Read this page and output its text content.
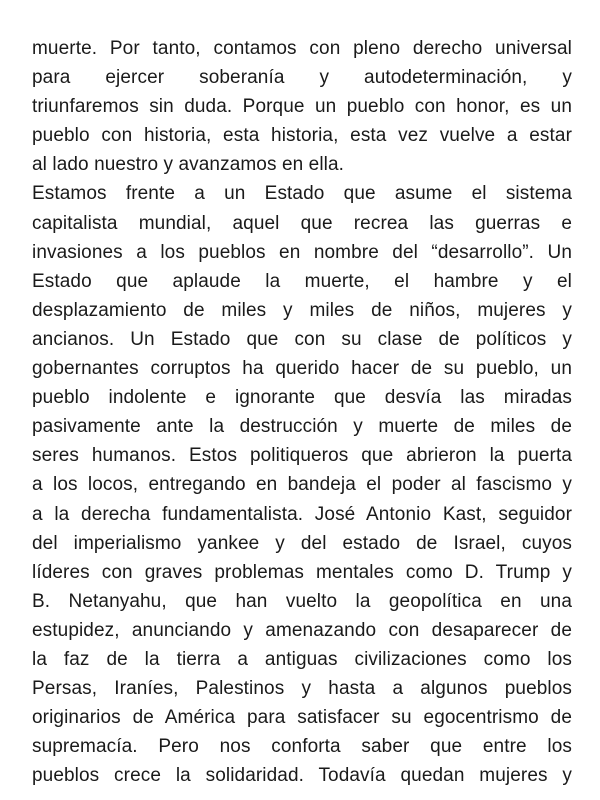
muerte. Por tanto, contamos con pleno derecho universal
para ejercer soberanía y autodeterminación, y
triunfaremos sin duda. Porque un pueblo con honor, es un
pueblo con historia, esta historia, esta vez vuelve a estar
al lado nuestro y avanzamos en ella.
Estamos frente a un Estado que asume el sistema
capitalista mundial, aquel que recrea las guerras e
invasiones a los pueblos en nombre del “desarrollo”. Un
Estado que aplaude la muerte, el hambre y el
desplazamiento de miles y miles de niños, mujeres y
ancianos. Un Estado que con su clase de políticos y
gobernantes corruptos ha querido hacer de su pueblo, un
pueblo indolente e ignorante que desvía las miradas
pasivamente ante la destrucción y muerte de miles de
seres humanos. Estos politiqueros que abrieron la puerta
a los locos, entregando en bandeja el poder al fascismo y
a la derecha fundamentalista. José Antonio Kast, seguidor
del imperialismo yankee y del estado de Israel, cuyos
líderes con graves problemas mentales como D. Trump y
B. Netanyahu, que han vuelto la geopolítica en una
estupidez, anunciando y amenazando con desaparecer de
la faz de la tierra a antiguas civilizaciones como los
Persas, Iraníes, Palestinos y hasta a algunos pueblos
originarios de América para satisfacer su egocentrismo de
supremacía. Pero nos conforta saber que entre los
pueblos crece la solidaridad. Todavía quedan mujeres y
